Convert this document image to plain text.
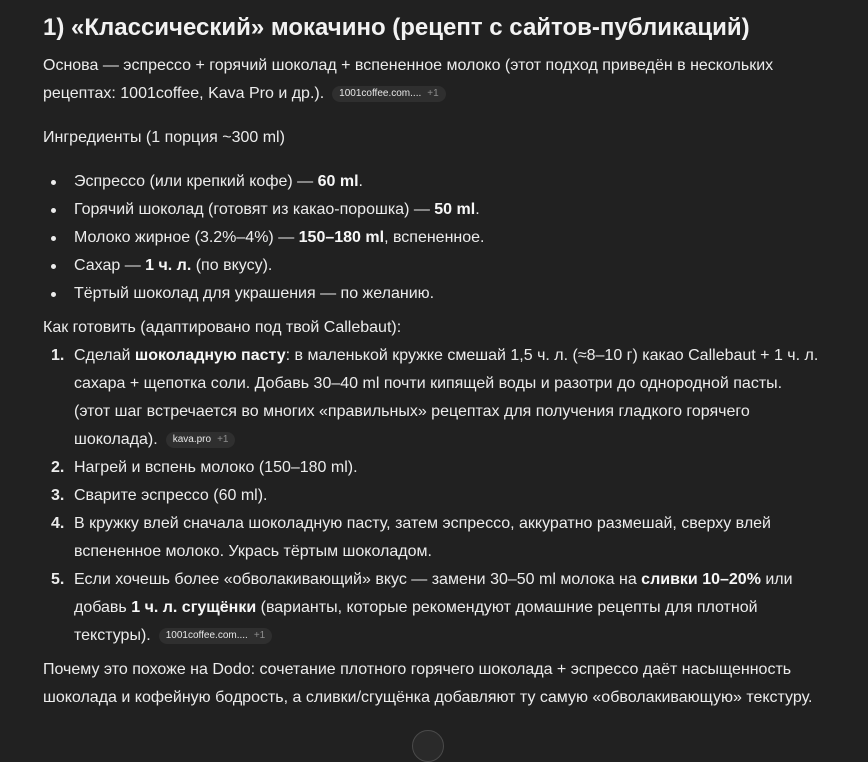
1) «Классический» мокачино (рецепт с сайтов-публикаций)

Основа — эспрессо + горячий шоколад + вспененное молоко (этот подход приведён в нескольких рецептах: 1001coffee, Kava Pro и др.). 1001coffee.com.... +1

Ингредиенты (1 порция ~300 ml)

Эспрессо (или крепкий кофе) — 60 ml.
Горячий шоколад (готовят из какао-порошка) — 50 ml.
Молоко жирное (3.2%–4%) — 150–180 ml, вспененное.
Сахар — 1 ч. л. (по вкусу).
Тёртый шоколад для украшения — по желанию.

Как готовить (адаптировано под твой Callebaut):

1. Сделай шоколадную пасту: в маленькой кружке смешай 1,5 ч. л. (≈8–10 г) какао Callebaut + 1 ч. л. сахара + щепотка соли. Добавь 30–40 ml почти кипящей воды и разотри до однородной пасты.
(этот шаг встречается во многих «правильных» рецептах для получения гладкого горячего шоколада). kava.pro +1
2. Нагрей и вспень молоко (150–180 ml).
3. Сварите эспрессо (60 ml).
4. В кружку влей сначала шоколадную пасту, затем эспрессо, аккуратно размешай, сверху влей вспененное молоко. Укрась тёртым шоколадом.
5. Если хочешь более «обволакивающий» вкус — замени 30–50 ml молока на сливки 10–20% или добавь 1 ч. л. сгущёнки (варианты, которые рекомендуют домашние рецепты для плотной текстуры). 1001coffee.com.... +1

Почему это похоже на Dodo: сочетание плотного горячего шоколада + эспрессо даёт насыщенность шоколада и кофейную бодрость, а сливки/сгущёнка добавляют ту самую «обволакивающую» текстуру.
